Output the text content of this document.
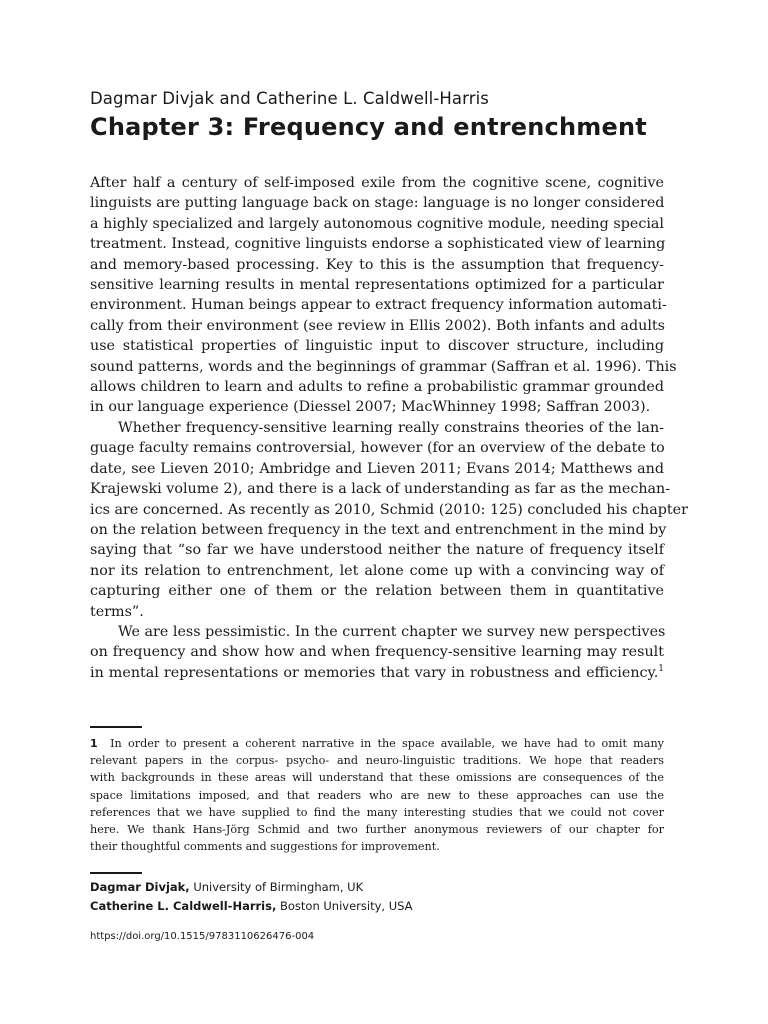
Dagmar Divjak and Catherine L. Caldwell-Harris
Chapter 3: Frequency and entrenchment

After half a century of self-imposed exile from the cognitive scene, cognitive
linguists are putting language back on stage: language is no longer considered
a highly specialized and largely autonomous cognitive module, needing special
treatment. Instead, cognitive linguists endorse a sophisticated view of learning
and memory-based processing. Key to this is the assumption that frequency-
sensitive learning results in mental representations optimized for a particular
environment. Human beings appear to extract frequency information automati-
cally from their environment (see review in Ellis 2002). Both infants and adults
use statistical properties of linguistic input to discover structure, including
sound patterns, words and the beginnings of grammar (Saffran et al. 1996). This
allows children to learn and adults to refine a probabilistic grammar grounded
in our language experience (Diessel 2007; MacWhinney 1998; Saffran 2003).

Whether frequency-sensitive learning really constrains theories of the lan-
guage faculty remains controversial, however (for an overview of the debate to
date, see Lieven 2010; Ambridge and Lieven 2011; Evans 2014; Matthews and
Krajewski volume 2), and there is a lack of understanding as far as the mechan-
ics are concerned. As recently as 2010, Schmid (2010: 125) concluded his chapter
on the relation between frequency in the text and entrenchment in the mind by
saying that “so far we have understood neither the nature of frequency itself
nor its relation to entrenchment, let alone come up with a convincing way of
capturing either one of them or the relation between them in quantitative
terms”.

We are less pessimistic. In the current chapter we survey new perspectives
on frequency and show how and when frequency-sensitive learning may result
in mental representations or memories that vary in robustness and efficiency.$^1$

1 In order to present a coherent narrative in the space available, we have had to omit many
relevant papers in the corpus- psycho- and neuro-linguistic traditions. We hope that readers
with backgrounds in these areas will understand that these omissions are consequences of the
space limitations imposed, and that readers who are new to these approaches can use the
references that we have supplied to find the many interesting studies that we could not cover
here. We thank Hans-Jörg Schmid and two further anonymous reviewers of our chapter for
their thoughtful comments and suggestions for improvement.
Dagmar Divjak, University of Birmingham, UK
Catherine L. Caldwell-Harris, Boston University, USA
https://doi.org/10.1515/9783110626476-004
